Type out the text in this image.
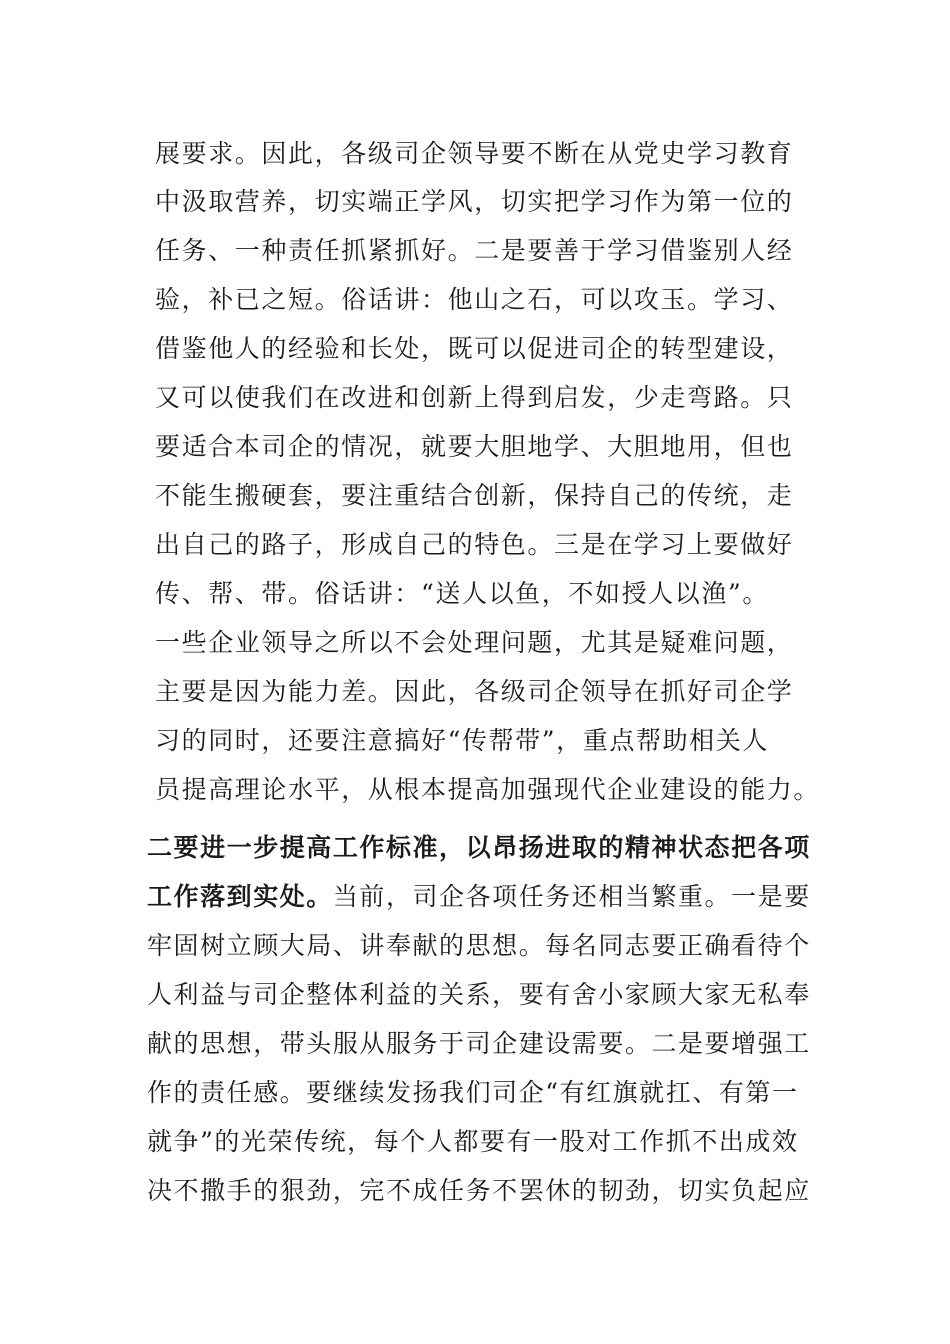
展要求。因此，各级司企领导要不断在从党史学习教育
中汲取营养，切实端正学风，切实把学习作为第一位的
任务、一种责任抓紧抓好。二是要善于学习借鉴别人经
验，补已之短。俗话讲：他山之石，可以攻玉。学习、
借鉴他人的经验和长处，既可以促进司企的转型建设，
又可以使我们在改进和创新上得到启发，少走弯路。只
要适合本司企的情况，就要大胆地学、大胆地用，但也
不能生搬硬套，要注重结合创新，保持自己的传统，走
出自己的路子，形成自己的特色。三是在学习上要做好
传、帮、带。俗话讲：“送人以鱼，不如授人以渔”。
一些企业领导之所以不会处理问题，尤其是疑难问题，
主要是因为能力差。因此，各级司企领导在抓好司企学
习的同时，还要注意搞好“传帮带”，重点帮助相关人
员提高理论水平，从根本提高加强现代企业建设的能力。
二要进一步提高工作标准，以昂扬进取的精神状态把各项
工作落到实处。当前，司企各项任务还相当繁重。一是要
牢固树立顾大局、讲奉献的思想。每名同志要正确看待个
人利益与司企整体利益的关系，要有舍小家顾大家无私奉
献的思想，带头服从服务于司企建设需要。二是要增强工
作的责任感。要继续发扬我们司企“有红旗就扛、有第一
就争”的光荣传统，每个人都要有一股对工作抓不出成效
决不撒手的狠劲，完不成任务不罢休的韧劲，切实负起应
